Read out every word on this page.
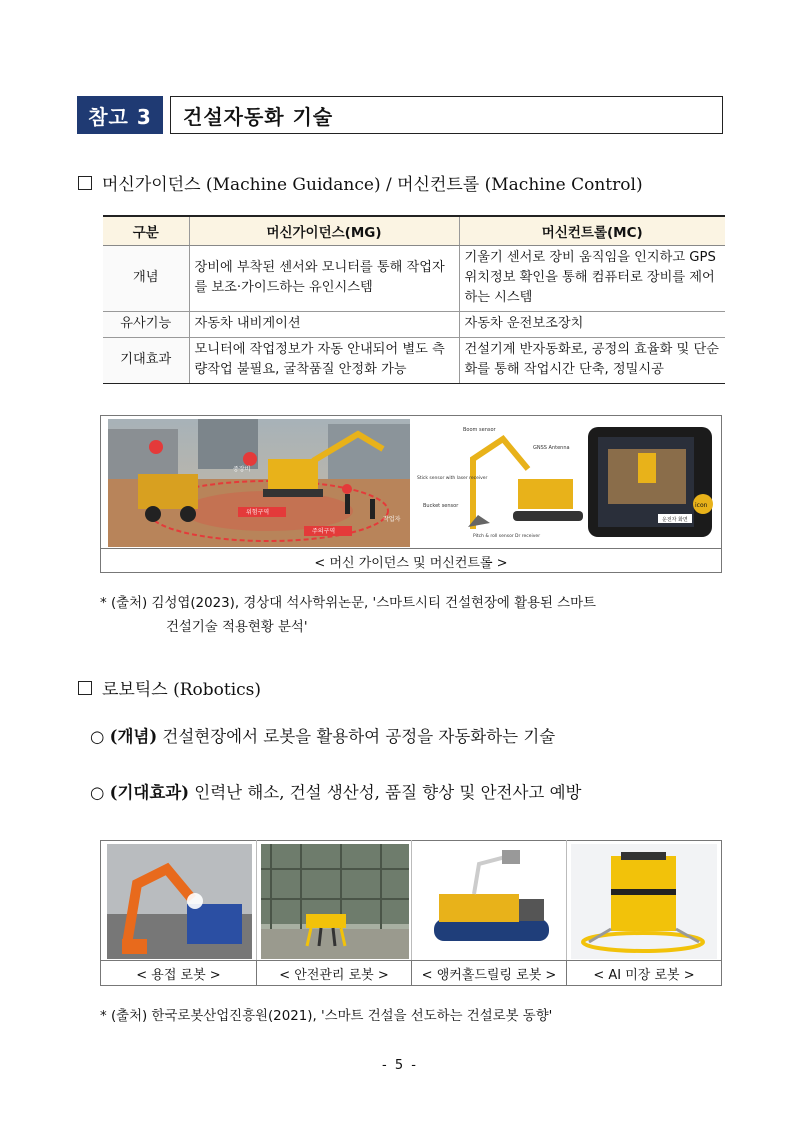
참고 3	건설자동화 기술
머신가이던스 (Machine Guidance) / 머신컨트롤 (Machine Control)
구분	머신가이던스(MG)	머신컨트롤(MC)
개념	장비에 부착된 센서와 모니터를 통해 작업자를 보조·가이드하는 유인시스템	기울기 센서로 장비 움직임을 인지하고 GPS 위치정보 확인을 통해 컴퓨터로 장비를 제어하는 시스템
유사기능	자동차 내비게이션	자동차 운전보조장치
기대효과	모니터에 작업정보가 자동 안내되어 별도 측량작업 불필요, 굴착품질 안정화 가능	건설기계 반자동화로, 공정의 효율화 및 단순화를 통해 작업시간 단축, 정밀시공
중장비
위험구역
주의구역
작업자
Boom sensor
GNSS Antenna
Stick sensor with laser receiver
Bucket sensor
Pitch & roll sensor Dr receiver
icon
운전자 화면
< 머신 가이던스 및 머신컨트롤 >
* (출처) 김성엽(2023), 경상대 석사학위논문, '스마트시티 건설현장에 활용된 스마트
건설기술 적용현황 분석'
로보틱스 (Robotics)
○ (개념) 건설현장에서 로봇을 활용하여 공정을 자동화하는 기술
○ (기대효과) 인력난 해소, 건설 생산성, 품질 향상 및 안전사고 예방
< 용접 로봇 >	< 안전관리 로봇 >	< 앵커홀드릴링 로봇 >	< AI 미장 로봇 >
* (출처) 한국로봇산업진흥원(2021), '스마트 건설을 선도하는 건설로봇 동향'
- 5 -
